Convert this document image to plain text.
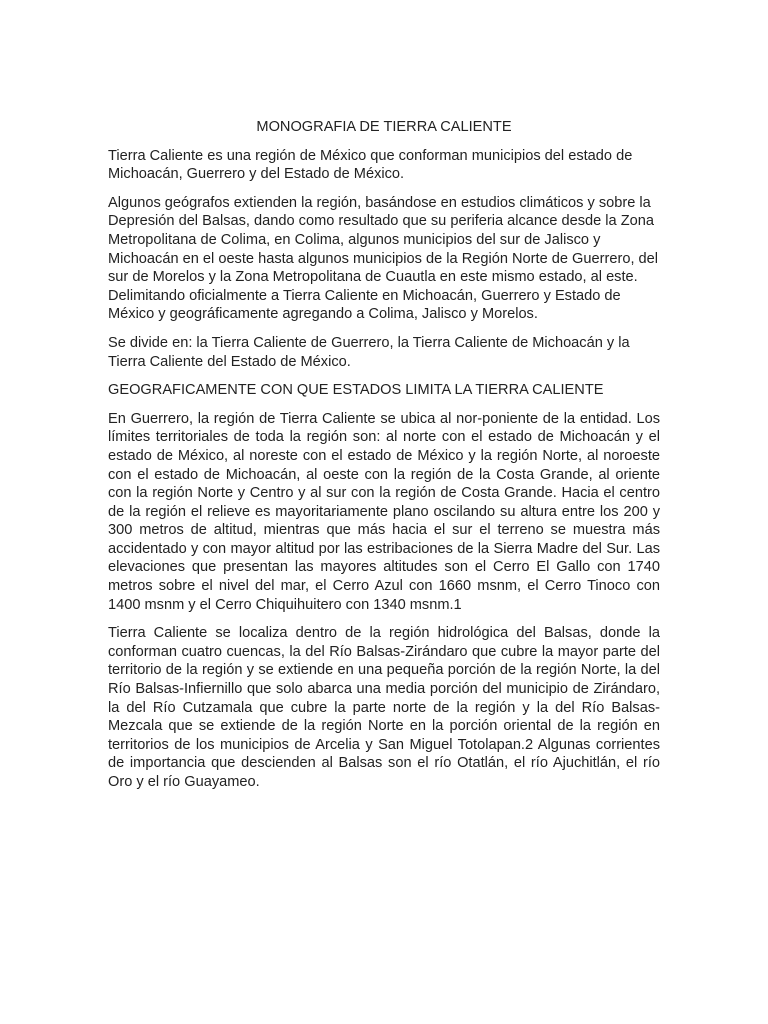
MONOGRAFIA DE TIERRA CALIENTE

Tierra Caliente es una región de México que conforman municipios del estado de Michoacán, Guerrero y del Estado de México.

Algunos geógrafos extienden la región, basándose en estudios climáticos y sobre la Depresión del Balsas, dando como resultado que su periferia alcance desde la Zona Metropolitana de Colima, en Colima, algunos municipios del sur de Jalisco y Michoacán en el oeste hasta algunos municipios de la Región Norte de Guerrero, del sur de Morelos y la Zona Metropolitana de Cuautla en este mismo estado, al este. Delimitando oficialmente a Tierra Caliente en Michoacán, Guerrero y Estado de México y geográficamente agregando a Colima, Jalisco y Morelos.

Se divide en: la Tierra Caliente de Guerrero, la Tierra Caliente de Michoacán y la Tierra Caliente del Estado de México.

GEOGRAFICAMENTE CON QUE ESTADOS LIMITA LA TIERRA CALIENTE

En Guerrero, la región de Tierra Caliente se ubica al nor-poniente de la entidad. Los límites territoriales de toda la región son: al norte con el estado de Michoacán y el estado de México, al noreste con el estado de México y la región Norte, al noroeste con el estado de Michoacán, al oeste con la región de la Costa Grande, al oriente con la región Norte y Centro y al sur con la región de Costa Grande. Hacia el centro de la región el relieve es mayoritariamente plano oscilando su altura entre los 200 y 300 metros de altitud, mientras que más hacia el sur el terreno se muestra más accidentado y con mayor altitud por las estribaciones de la Sierra Madre del Sur. Las elevaciones que presentan las mayores altitudes son el Cerro El Gallo con 1740 metros sobre el nivel del mar, el Cerro Azul con 1660 msnm, el Cerro Tinoco con 1400 msnm y el Cerro Chiquihuitero con 1340 msnm.1

Tierra Caliente se localiza dentro de la región hidrológica del Balsas, donde la conforman cuatro cuencas, la del Río Balsas-Zirándaro que cubre la mayor parte del territorio de la región y se extiende en una pequeña porción de la región Norte, la del Río Balsas-Infiernillo que solo abarca una media porción del municipio de Zirándaro, la del Río Cutzamala que cubre la parte norte de la región y la del Río Balsas-Mezcala que se extiende de la región Norte en la porción oriental de la región en territorios de los municipios de Arcelia y San Miguel Totolapan.2 Algunas corrientes de importancia que descienden al Balsas son el río Otatlán, el río Ajuchitlán, el río Oro y el río Guayameo.
